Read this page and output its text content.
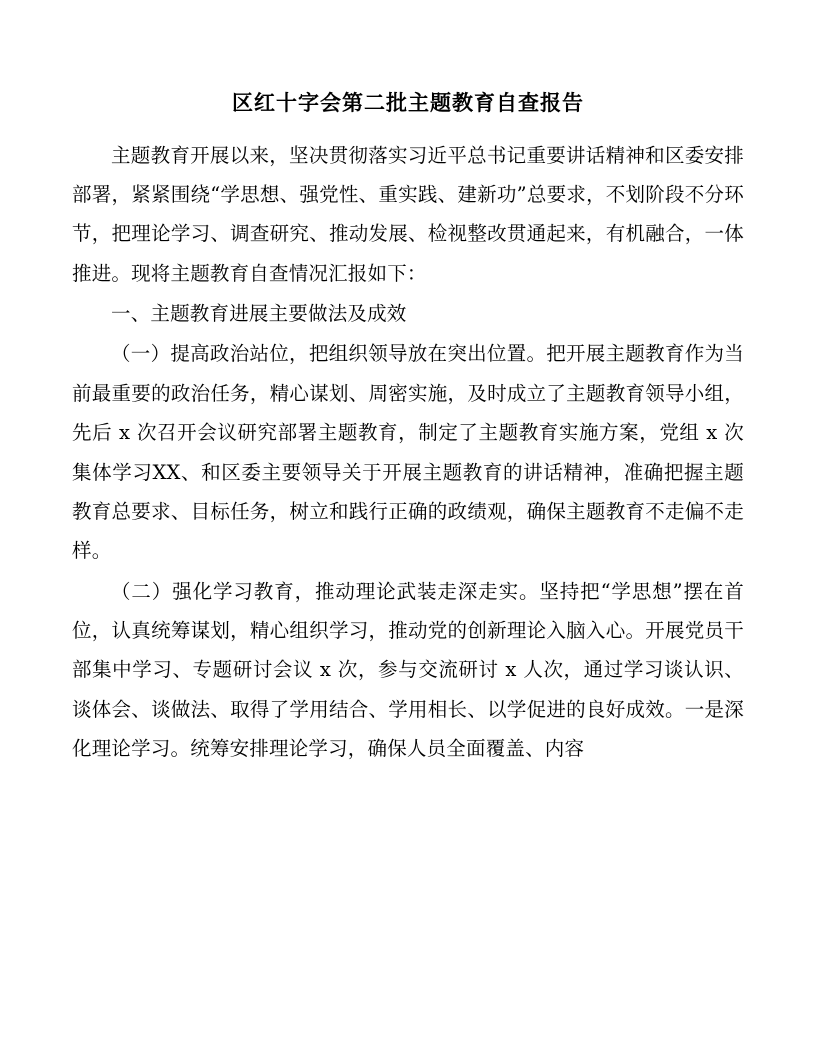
区红十字会第二批主题教育自查报告

主题教育开展以来，坚决贯彻落实习近平总书记重要讲话精神和区委安排部署，紧紧围绕“学思想、强党性、重实践、建新功”总要求，不划阶段不分环节，把理论学习、调查研究、推动发展、检视整改贯通起来，有机融合，一体推进。现将主题教育自查情况汇报如下：

一、主题教育进展主要做法及成效

（一）提高政治站位，把组织领导放在突出位置。把开展主题教育作为当前最重要的政治任务，精心谋划、周密实施，及时成立了主题教育领导小组，先后 x 次召开会议研究部署主题教育，制定了主题教育实施方案，党组 x 次集体学习XX、和区委主要领导关于开展主题教育的讲话精神，准确把握主题教育总要求、目标任务，树立和践行正确的政绩观，确保主题教育不走偏不走样。

（二）强化学习教育，推动理论武装走深走实。坚持把“学思想”摆在首位，认真统筹谋划，精心组织学习，推动党的创新理论入脑入心。开展党员干部集中学习、专题研讨会议 x 次，参与交流研讨 x 人次，通过学习谈认识、谈体会、谈做法、取得了学用结合、学用相长、以学促进的良好成效。一是深化理论学习。统筹安排理论学习，确保人员全面覆盖、内容
